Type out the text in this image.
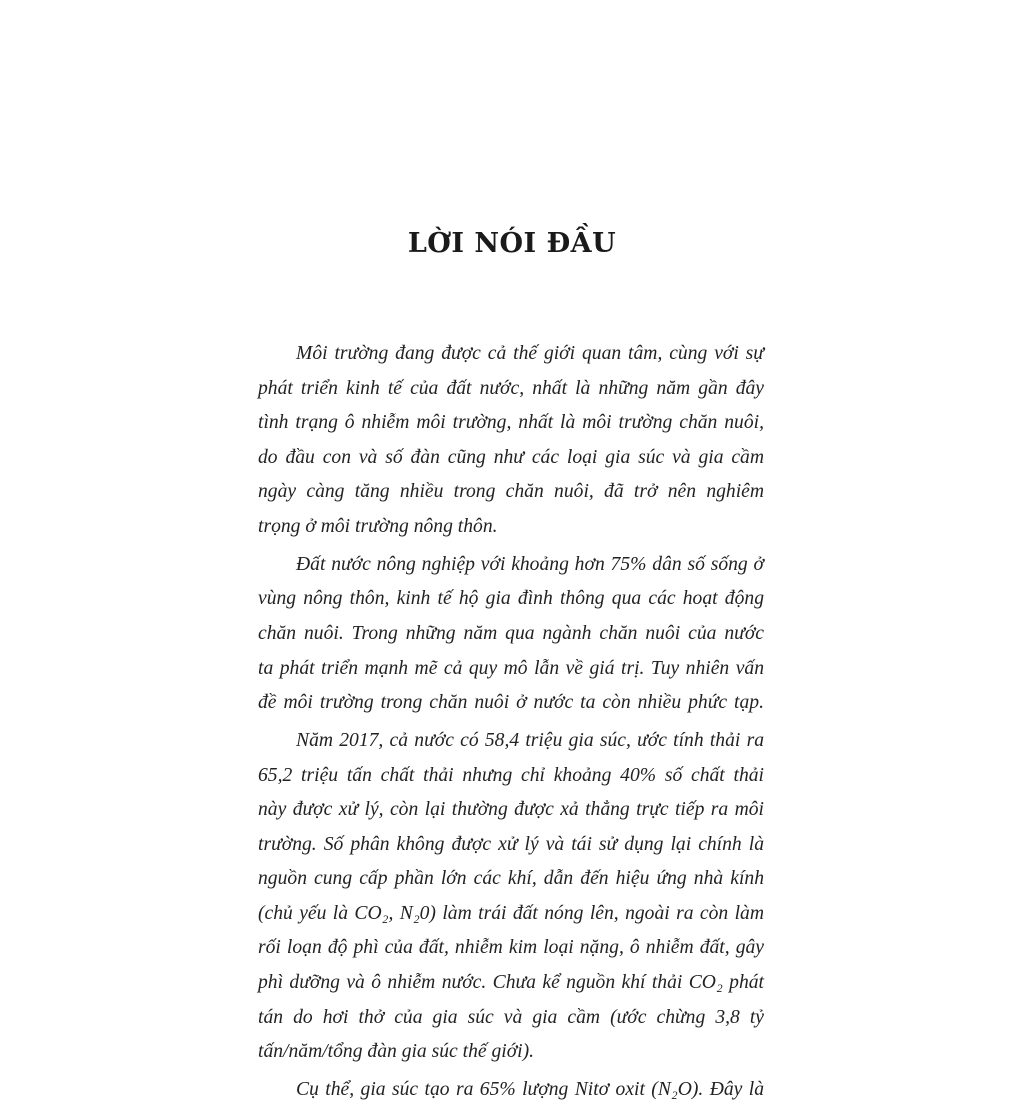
LỜI NÓI ĐẦU
Môi trường đang được cả thế giới quan tâm, cùng với sự
phát triển kinh tế của đất nước, nhất là những năm gần đây
tình trạng ô nhiễm môi trường, nhất là môi trường chăn nuôi,
do đầu con và số đàn cũng như các loại gia súc và gia cầm
ngày càng tăng nhiều trong chăn nuôi, đã trở nên nghiêm
trọng ở môi trường nông thôn.
Đất nước nông nghiệp với khoảng hơn 75% dân số sống ở
vùng nông thôn, kinh tế hộ gia đình thông qua các hoạt động
chăn nuôi. Trong những năm qua ngành chăn nuôi của nước
ta phát triển mạnh mẽ cả quy mô lẫn về giá trị. Tuy nhiên vấn
đề môi trường trong chăn nuôi ở nước ta còn nhiều phức tạp.
Năm 2017, cả nước có 58,4 triệu gia súc, ước tính thải ra
65,2 triệu tấn chất thải nhưng chỉ khoảng 40% số chất thải
này được xử lý, còn lại thường được xả thẳng trực tiếp ra môi
trường. Số phân không được xử lý và tái sử dụng lại chính là
nguồn cung cấp phần lớn các khí, dẫn đến hiệu ứng nhà kính
(chủ yếu là CO₂, N₂0) làm trái đất nóng lên, ngoài ra còn làm
rối loạn độ phì của đất, nhiễm kim loại nặng, ô nhiễm đất, gây
phì dưỡng và ô nhiễm nước. Chưa kể nguồn khí thải CO₂ phát
tán do hơi thở của gia súc và gia cầm (ước chừng 3,8 tỷ
tấn/năm/tổng đàn gia súc thế giới).
Cụ thể, gia súc tạo ra 65% lượng Nitơ oxit (N₂O). Đây là
